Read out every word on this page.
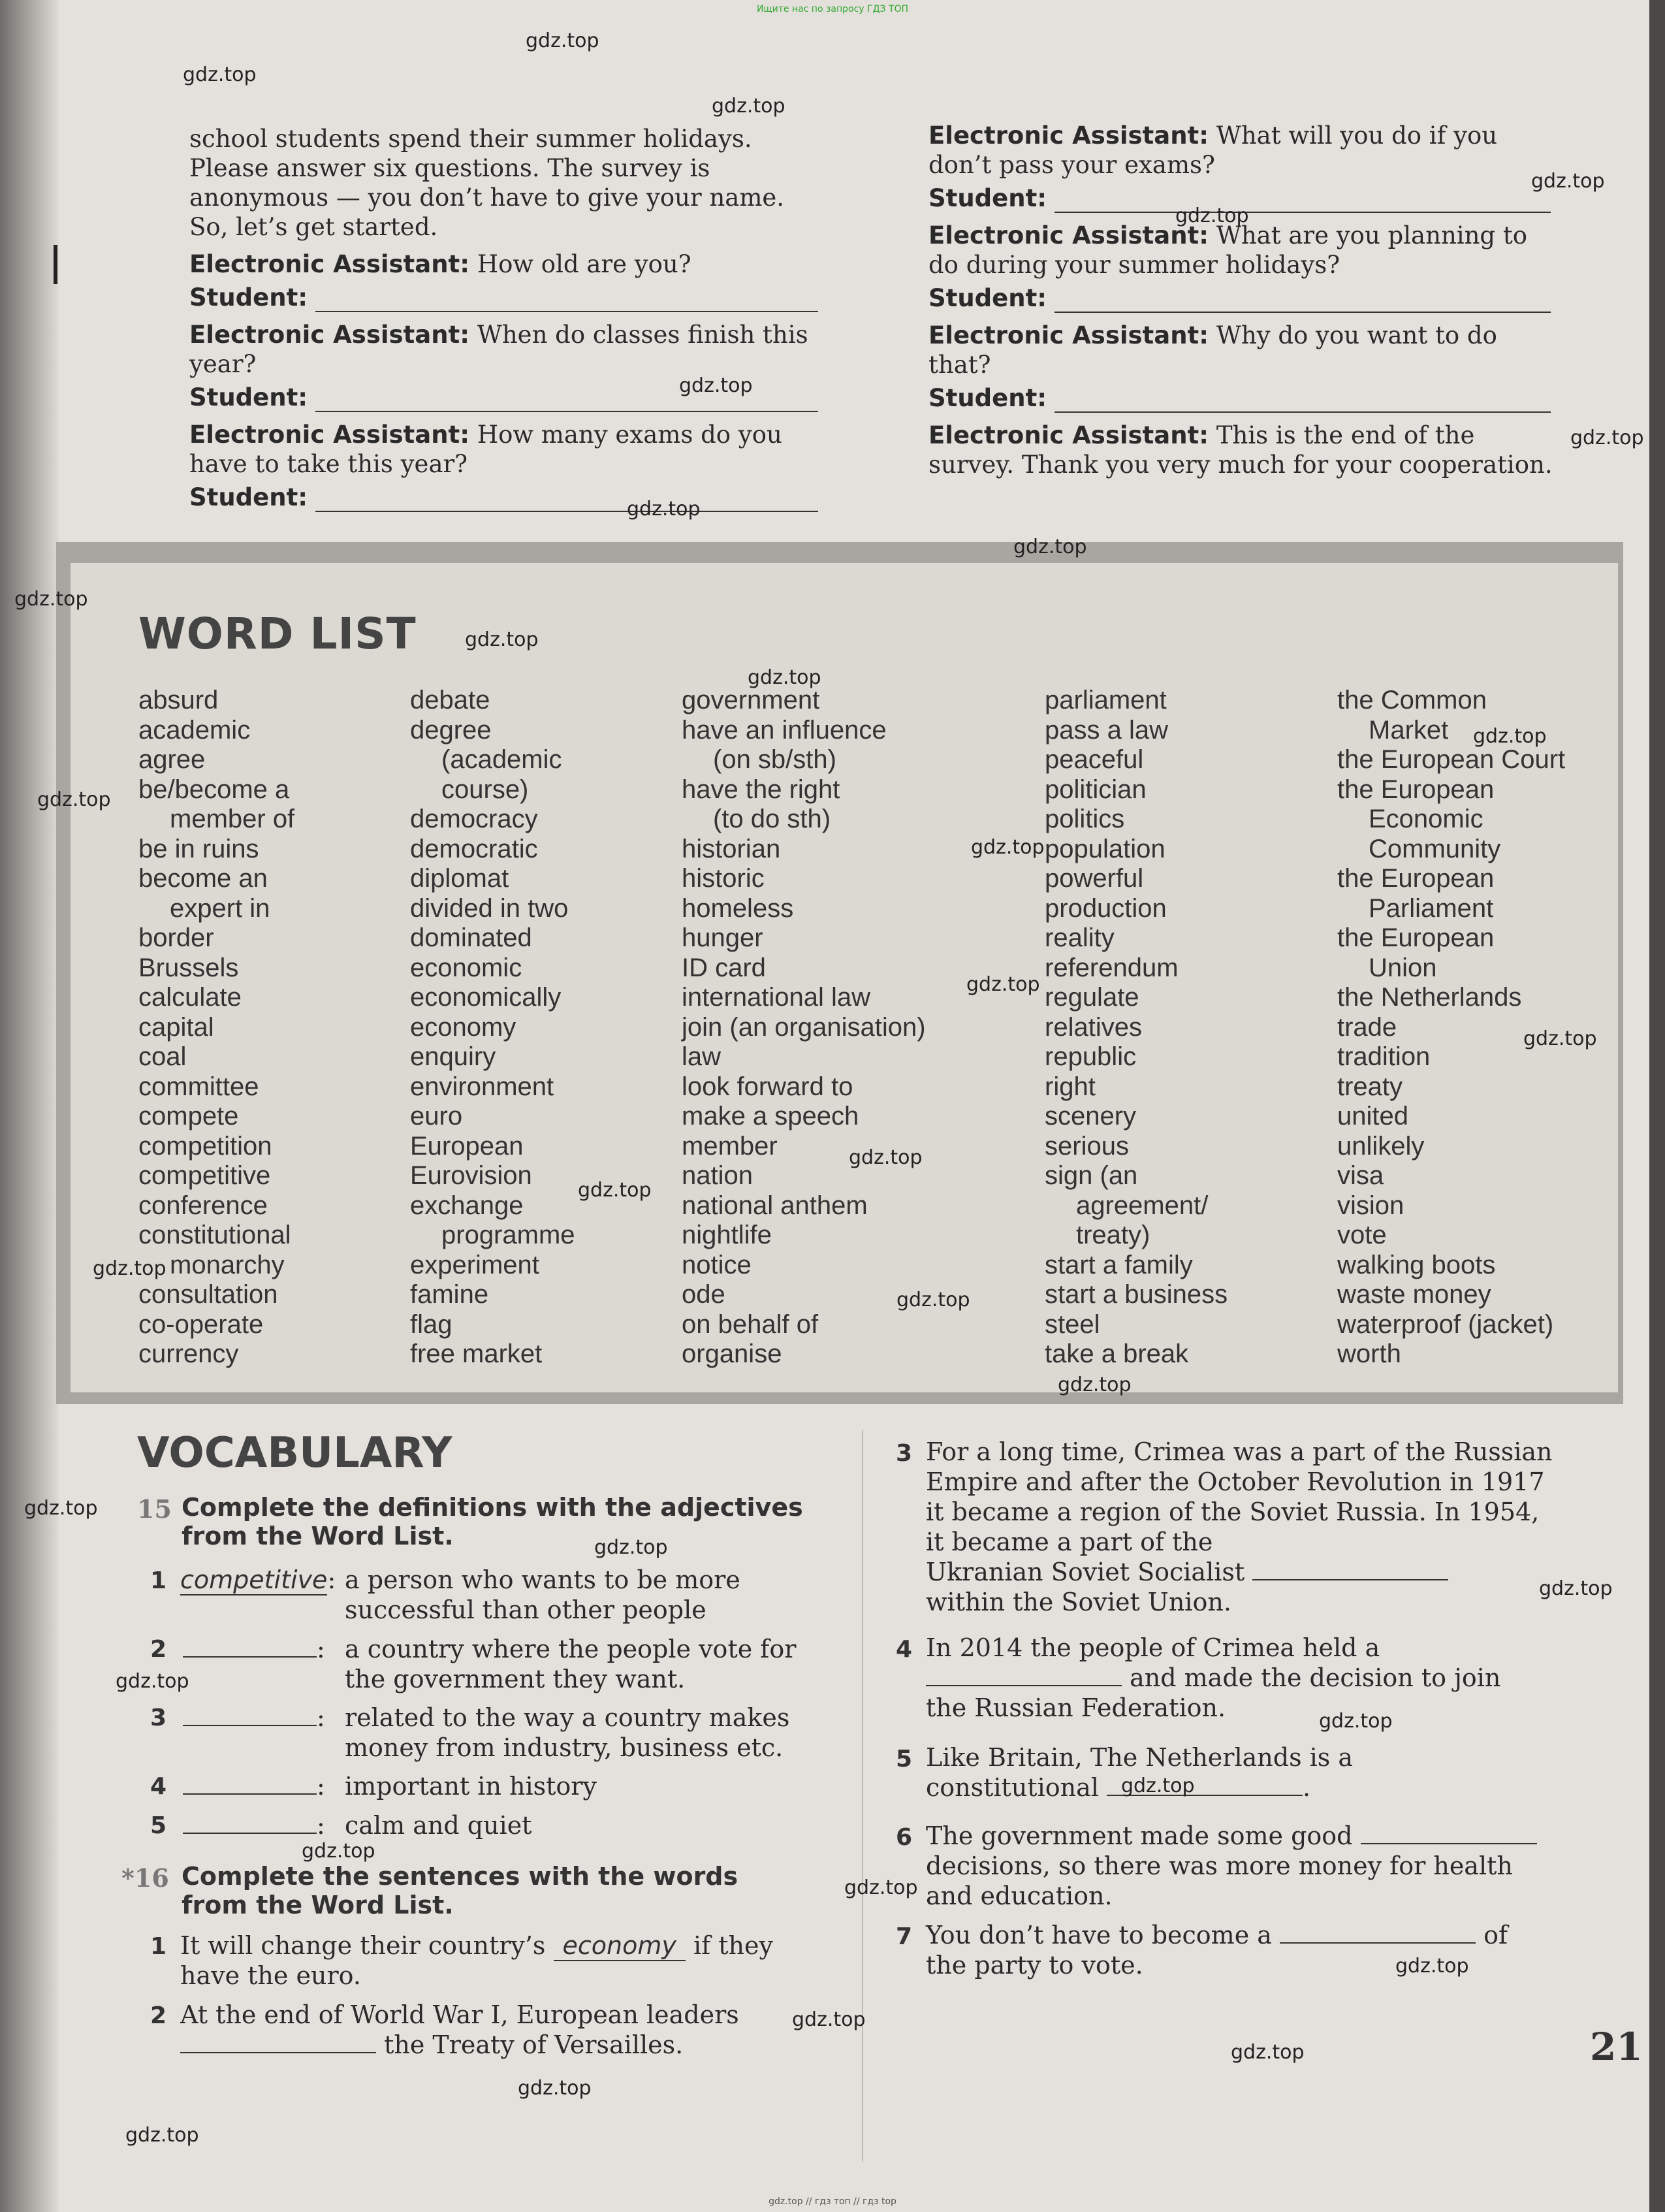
Ищите нас по запросу ГДЗ ТОП

school students spend their summer holidays. Please answer six questions. The survey is anonymous — you don’t have to give your name. So, let’s get started.

Electronic Assistant: How old are you?
Student:
Electronic Assistant: When do classes finish this year?
Student:
Electronic Assistant: How many exams do you have to take this year?
Student:
Electronic Assistant: What will you do if you don’t pass your exams?
Student:
Electronic Assistant: What are you planning to do during your summer holidays?
Student:
Electronic Assistant: Why do you want to do that?
Student:
Electronic Assistant: This is the end of the survey. Thank you very much for your cooperation.
WORD LIST
absurd
academic
agree
be/become a
member of
be in ruins
become an
expert in
border
Brussels
calculate
capital
coal
committee
compete
competition
competitive
conference
constitutional
monarchy
consultation
co-operate
currency
debate
degree
(academic
course)
democracy
democratic
diplomat
divided in two
dominated
economic
economically
economy
enquiry
environment
euro
European
Eurovision
exchange
programme
experiment
famine
flag
free market
government
have an influence
(on sb/sth)
have the right
(to do sth)
historian
historic
homeless
hunger
ID card
international law
join (an organisation)
law
look forward to
make a speech
member
nation
national anthem
nightlife
notice
ode
on behalf of
organise
parliament
pass a law
peaceful
politician
politics
population
powerful
production
reality
referendum
regulate
relatives
republic
right
scenery
serious
sign (an
agreement/
treaty)
start a family
start a business
steel
take a break
the Common
Market
the European Court
the European
Economic
Community
the European
Parliament
the European
Union
the Netherlands
trade
tradition
treaty
united
unlikely
visa
vision
vote
walking boots
waste money
waterproof (jacket)
worth
VOCABULARY
15 Complete the definitions with the adjectives from the Word List.
1 competitive: a person who wants to be more successful than other people
2	: a country where the people vote for the government they want.
3	: related to the way a country makes money from industry, business etc.
4	: important in history
5	: calm and quiet
*16 Complete the sentences with the words from the Word List.
1 It will change their country’s economy if they have the euro.
2 At the end of World War I, European leaders
the Treaty of Versailles.
3 For a long time, Crimea was a part of the Russian Empire and after the October Revolution in 1917 it became a region of the Soviet Russia. In 1954, it became a part of the
Ukranian Soviet Socialist
within the Soviet Union.
4 In 2014 the people of Crimea held a
and made the decision to join
the Russian Federation.
5 Like Britain, The Netherlands is a
constitutional	.
6 The government made some good
decisions, so there was more money for health and education.
7 You don’t have to become a	of
the party to vote.
21
gdz.top
gdz.top
gdz.top
gdz.top
gdz.top
gdz.top
gdz.top
gdz.top
gdz.top
gdz.top
gdz.top
gdz.top
gdz.top
gdz.top
gdz.top
gdz.top
gdz.top
gdz.top
gdz.top
gdz.top
gdz.top
gdz.top
gdz.top
gdz.top
gdz.top
gdz.top
gdz.top
gdz.top
gdz.top
gdz.top
gdz.top
gdz.top
gdz.top
gdz.top
gdz.top
gdz.top // гдз топ // гдз top
